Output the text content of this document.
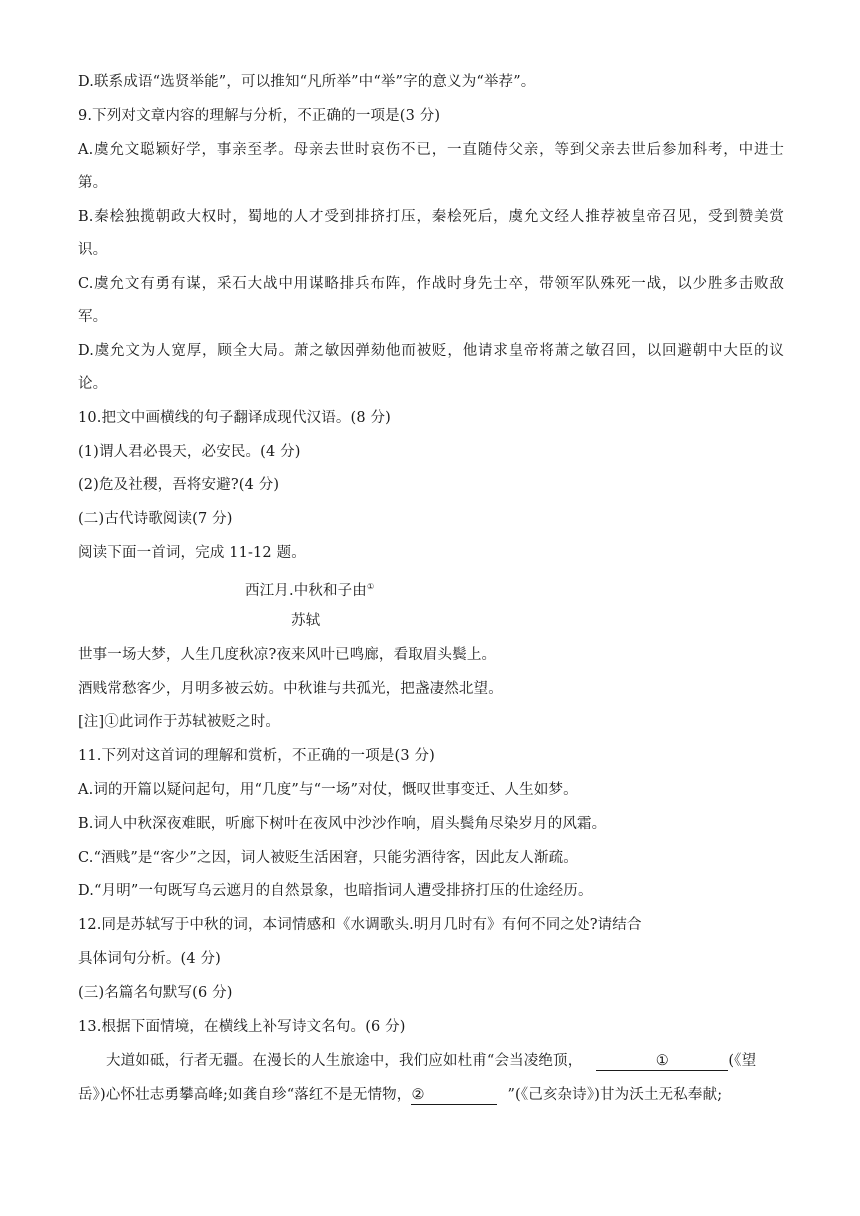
D.联系成语“选贤举能”，可以推知“凡所举”中“举”字的意义为“举荐”。
9.下列对文章内容的理解与分析，不正确的一项是(3 分)
A.虞允文聪颖好学，事亲至孝。母亲去世时哀伤不已，一直随侍父亲，等到父亲去世后参加科考，中进士
第。
B.秦桧独揽朝政大权时，蜀地的人才受到排挤打压，秦桧死后，虞允文经人推荐被皇帝召见，受到赞美赏
识。
C.虞允文有勇有谋，采石大战中用谋略排兵布阵，作战时身先士卒，带领军队殊死一战，以少胜多击败敌
军。
D.虞允文为人宽厚，顾全大局。萧之敏因弹劾他而被贬，他请求皇帝将萧之敏召回，以回避朝中大臣的议
论。
10.把文中画横线的句子翻译成现代汉语。(8 分)
(1)谓人君必畏天，必安民。(4 分)
(2)危及社稷，吾将安避?(4 分)
(二)古代诗歌阅读(7 分)
阅读下面一首词，完成 11-12 题。
西江月.中秋和子由①
苏轼
世事一场大梦，人生几度秋凉?夜来风叶已鸣廊，看取眉头鬓上。
酒贱常愁客少，月明多被云妨。中秋谁与共孤光，把盏凄然北望。
[注]①此词作于苏轼被贬之时。
11.下列对这首词的理解和赏析，不正确的一项是(3 分)
A.词的开篇以疑问起句，用“几度”与“一场”对仗，慨叹世事变迁、人生如梦。
B.词人中秋深夜难眠，听廊下树叶在夜风中沙沙作响，眉头鬓角尽染岁月的风霜。
C.“酒贱”是“客少”之因，词人被贬生活困窘，只能劣酒待客，因此友人渐疏。
D.“月明”一句既写乌云遮月的自然景象，也暗指词人遭受排挤打压的仕途经历。
12.同是苏轼写于中秋的词，本词情感和《水调歌头.明月几时有》有何不同之处?请结合
具体词句分析。(4 分)
(三)名篇名句默写(6 分)
13.根据下面情境，在横线上补写诗文名句。(6 分)
大道如砥，行者无疆。在漫长的人生旅途中，我们应如杜甫“会当凌绝顶，	①	(《望
岳》)心怀壮志勇攀高峰;如龚自珍“落红不是无情物，②	”(《己亥杂诗》)甘为沃土无私奉献;
